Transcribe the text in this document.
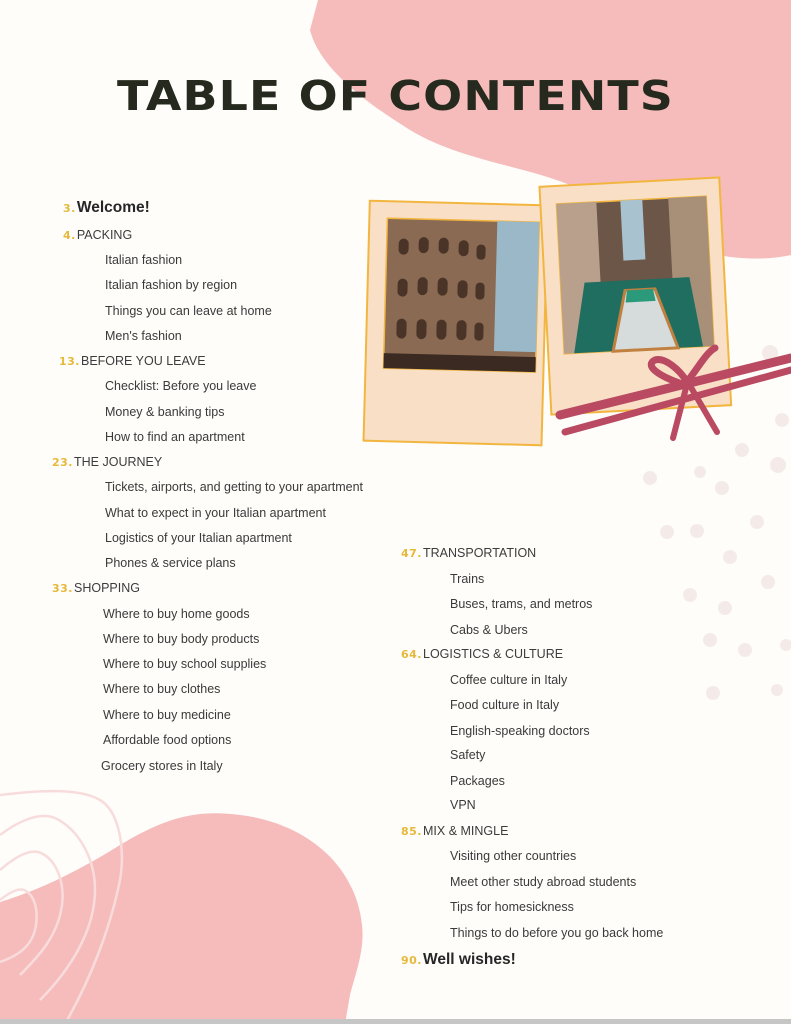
TABLE OF CONTENTS
3. Welcome!
4. PACKING
Italian fashion
Italian fashion by region
Things you can leave at home
Men's fashion
13. BEFORE YOU LEAVE
Checklist: Before you leave
Money & banking tips
How to find an apartment
23. THE JOURNEY
Tickets, airports, and getting to your apartment
What to expect in your Italian apartment
Logistics of your Italian apartment
Phones & service plans
33. SHOPPING
Where to buy home goods
Where to buy body products
Where to buy school supplies
Where to buy clothes
Where to buy medicine
Affordable food options
Grocery stores in Italy
47. TRANSPORTATION
Trains
Buses, trams, and metros
Cabs & Ubers
64. LOGISTICS & CULTURE
Coffee culture in Italy
Food culture in Italy
English-speaking doctors
Safety
Packages
VPN
85. MIX & MINGLE
Visiting other countries
Meet other study abroad students
Tips for homesickness
Things to do before you go back home
90. Well wishes!
